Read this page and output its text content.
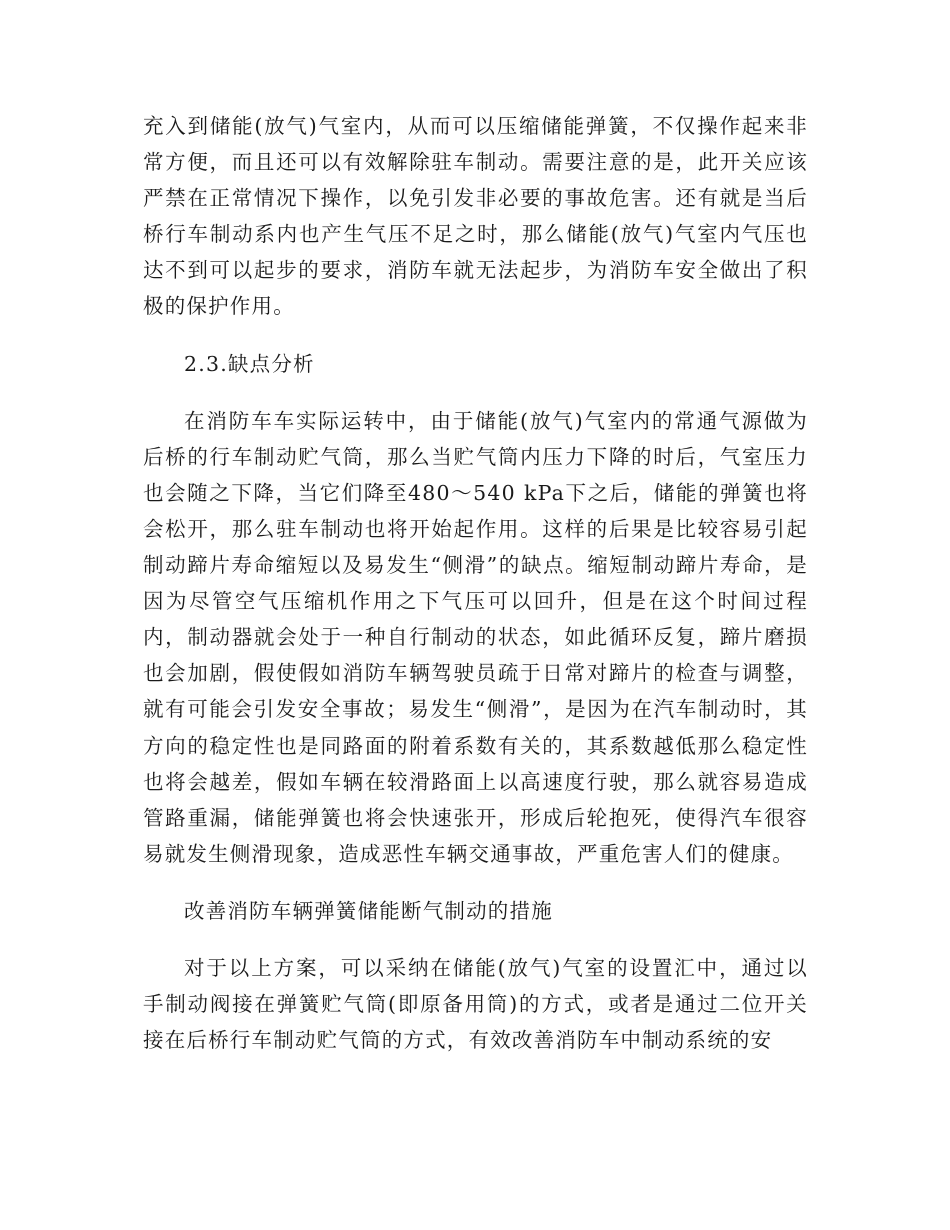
充入到储能(放气)气室内，从而可以压缩储能弹簧，不仅操作起来非常方便，而且还可以有效解除驻车制动。需要注意的是，此开关应该严禁在正常情况下操作，以免引发非必要的事故危害。还有就是当后桥行车制动系内也产生气压不足之时，那么储能(放气)气室内气压也达不到可以起步的要求，消防车就无法起步，为消防车安全做出了积极的保护作用。

2.3.缺点分析

在消防车车实际运转中，由于储能(放气)气室内的常通气源做为后桥的行车制动贮气筒，那么当贮气筒内压力下降的时后，气室压力也会随之下降，当它们降至480～540 kPa下之后，储能的弹簧也将会松开，那么驻车制动也将开始起作用。这样的后果是比较容易引起制动蹄片寿命缩短以及易发生“侧滑”的缺点。缩短制动蹄片寿命，是因为尽管空气压缩机作用之下气压可以回升，但是在这个时间过程内，制动器就会处于一种自行制动的状态，如此循环反复，蹄片磨损也会加剧，假使假如消防车辆驾驶员疏于日常对蹄片的检查与调整，就有可能会引发安全事故；易发生“侧滑”，是因为在汽车制动时，其方向的稳定性也是同路面的附着系数有关的，其系数越低那么稳定性也将会越差，假如车辆在较滑路面上以高速度行驶，那么就容易造成管路重漏，储能弹簧也将会快速张开，形成后轮抱死，使得汽车很容易就发生侧滑现象，造成恶性车辆交通事故，严重危害人们的健康。

改善消防车辆弹簧储能断气制动的措施

对于以上方案，可以采纳在储能(放气)气室的设置汇中，通过以手制动阀接在弹簧贮气筒(即原备用筒)的方式，或者是通过二位开关接在后桥行车制动贮气筒的方式，有效改善消防车中制动系统的安
